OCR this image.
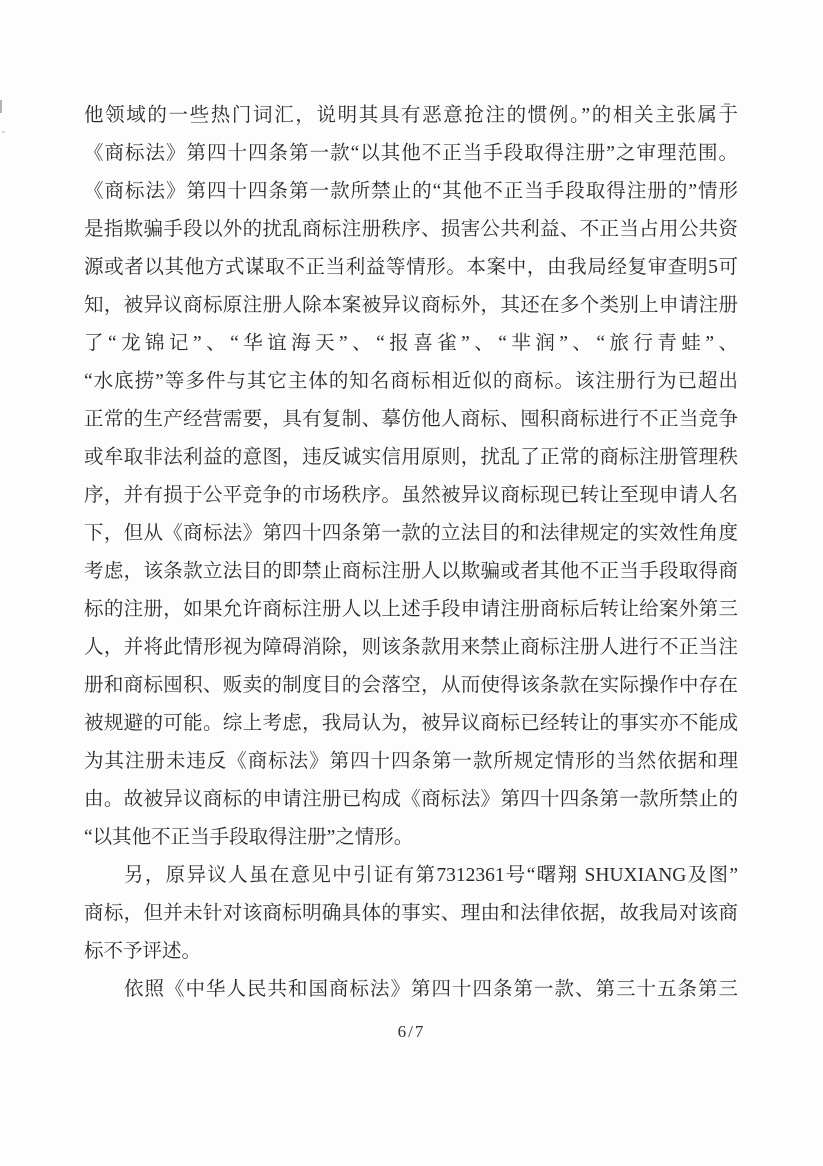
他领域的一些热门词汇，说明其具有恶意抢注的惯例。”的相关主张属于
《商标法》第四十四条第一款“以其他不正当手段取得注册”之审理范围。
《商标法》第四十四条第一款所禁止的“其他不正当手段取得注册的”情形
是指欺骗手段以外的扰乱商标注册秩序、损害公共利益、不正当占用公共资
源或者以其他方式谋取不正当利益等情形。本案中，由我局经复审查明5可
知，被异议商标原注册人除本案被异议商标外，其还在多个类别上申请注册
了“龙锦记”、“华谊海天”、“报喜雀”、“芈润”、“旅行青蛙”、
“水底捞”等多件与其它主体的知名商标相近似的商标。该注册行为已超出
正常的生产经营需要，具有复制、摹仿他人商标、囤积商标进行不正当竞争
或牟取非法利益的意图，违反诚实信用原则，扰乱了正常的商标注册管理秩
序，并有损于公平竞争的市场秩序。虽然被异议商标现已转让至现申请人名
下，但从《商标法》第四十四条第一款的立法目的和法律规定的实效性角度
考虑，该条款立法目的即禁止商标注册人以欺骗或者其他不正当手段取得商
标的注册，如果允许商标注册人以上述手段申请注册商标后转让给案外第三
人，并将此情形视为障碍消除，则该条款用来禁止商标注册人进行不正当注
册和商标囤积、贩卖的制度目的会落空，从而使得该条款在实际操作中存在
被规避的可能。综上考虑，我局认为，被异议商标已经转让的事实亦不能成
为其注册未违反《商标法》第四十四条第一款所规定情形的当然依据和理
由。故被异议商标的申请注册已构成《商标法》第四十四条第一款所禁止的
“以其他不正当手段取得注册”之情形。
另，原异议人虽在意见中引证有第7312361号“曙翔 SHUXIANG及图”
商标，但并未针对该商标明确具体的事实、理由和法律依据，故我局对该商
标不予评述。
依照《中华人民共和国商标法》第四十四条第一款、第三十五条第三
6/7
